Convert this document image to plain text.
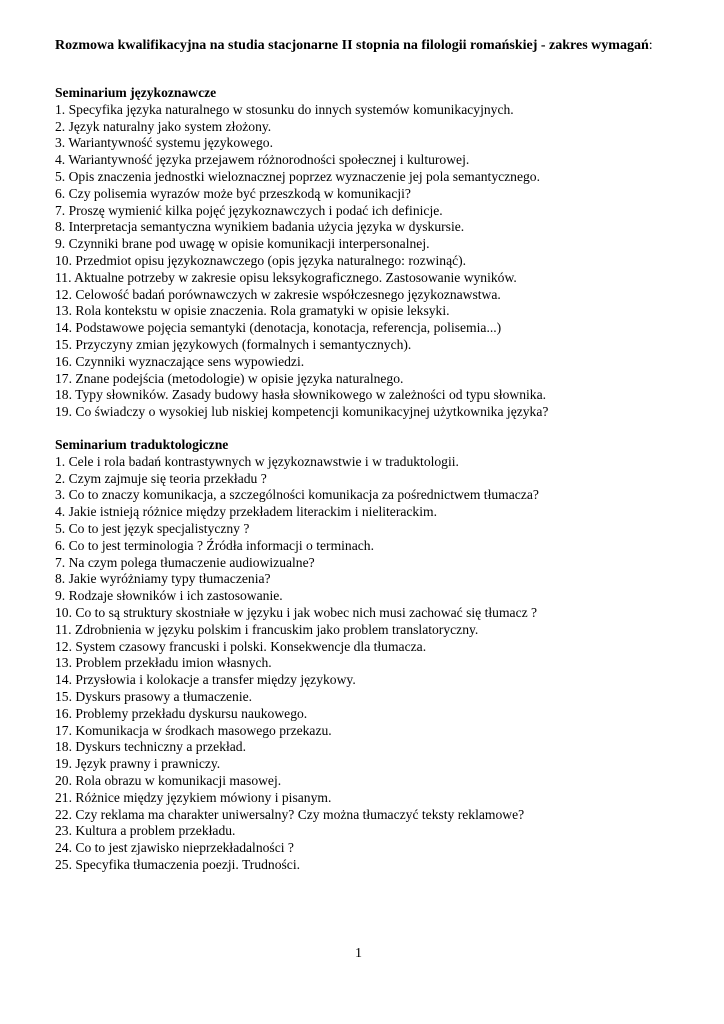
Rozmowa kwalifikacyjna na studia stacjonarne II stopnia na filologii romańskiej - zakres wymagań:
Seminarium językoznawcze
1. Specyfika języka naturalnego w stosunku do innych systemów komunikacyjnych.
2. Język naturalny jako system złożony.
3. Wariantywność systemu językowego.
4. Wariantywność języka przejawem różnorodności społecznej i kulturowej.
5. Opis znaczenia jednostki wieloznacznej poprzez wyznaczenie jej pola semantycznego.
6. Czy polisemia wyrazów może być przeszkodą w komunikacji?
7. Proszę wymienić kilka pojęć językoznawczych i podać ich definicje.
8. Interpretacja semantyczna wynikiem badania użycia języka w dyskursie.
9. Czynniki brane pod uwagę w opisie komunikacji interpersonalnej.
10. Przedmiot opisu językoznawczego (opis języka naturalnego: rozwinąć).
11. Aktualne potrzeby w zakresie opisu leksykograficznego. Zastosowanie wyników.
12. Celowość badań porównawczych w zakresie współczesnego językoznawstwa.
13. Rola kontekstu w opisie znaczenia. Rola gramatyki w opisie leksyki.
14. Podstawowe pojęcia semantyki (denotacja, konotacja, referencja, polisemia...)
15. Przyczyny zmian językowych (formalnych i semantycznych).
16. Czynniki wyznaczające sens wypowiedzi.
17. Znane podejścia (metodologie) w opisie języka naturalnego.
18. Typy słowników. Zasady budowy hasła słownikowego w zależności od typu słownika.
19. Co świadczy o wysokiej lub niskiej kompetencji komunikacyjnej użytkownika języka?
Seminarium traduktologiczne
1. Cele i rola badań kontrastywnych w językoznawstwie i w traduktologii.
2. Czym zajmuje się teoria przekładu ?
3. Co to znaczy komunikacja, a szczególności komunikacja za pośrednictwem tłumacza?
4. Jakie istnieją różnice między przekładem literackim i nieliterackim.
5. Co to jest język specjalistyczny ?
6. Co to jest terminologia ? Źródła informacji o terminach.
7. Na czym polega tłumaczenie audiowizualne?
8. Jakie wyróżniamy typy tłumaczenia?
9. Rodzaje słowników i ich zastosowanie.
10. Co to są struktury skostniałe w języku i jak wobec nich musi zachować się tłumacz ?
11. Zdrobnienia w języku polskim i francuskim jako problem translatoryczny.
12. System czasowy francuski i polski. Konsekwencje dla tłumacza.
13. Problem przekładu imion własnych.
14. Przysłowia i kolokacje a transfer między językowy.
15. Dyskurs prasowy a tłumaczenie.
16. Problemy przekładu dyskursu naukowego.
17. Komunikacja w środkach masowego przekazu.
18. Dyskurs techniczny a przekład.
19. Język prawny i prawniczy.
20. Rola obrazu w komunikacji masowej.
21. Różnice między językiem mówiony i pisanym.
22. Czy reklama ma charakter uniwersalny? Czy można tłumaczyć teksty reklamowe?
23. Kultura a problem przekładu.
24. Co to jest zjawisko nieprzekładalności ?
25. Specyfika tłumaczenia poezji. Trudności.
1
